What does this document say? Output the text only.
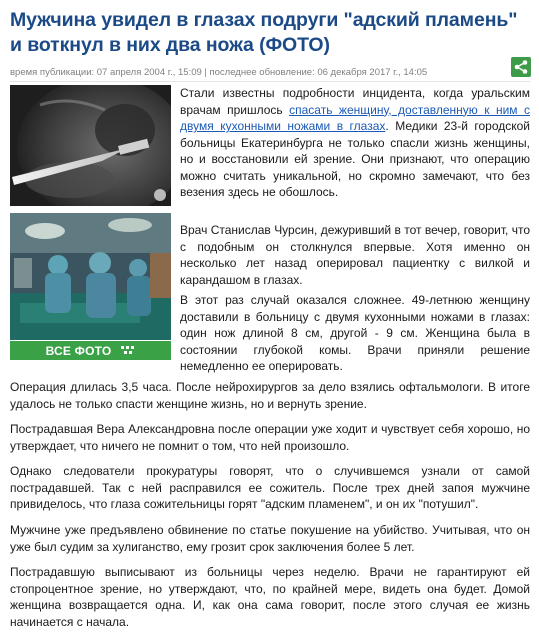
Мужчина увидел в глазах подруги "адский пламень" и воткнул в них два ножа (ФОТО)
время публикации: 07 апреля 2004 г., 15:09 | последнее обновление: 06 декабря 2017 г., 14:05
ВСЕ ФОТО

Стали известны подробности инцидента, когда уральским врачам пришлось спасать женщину, доставленную к ним с двумя кухонными ножами в глазах. Медики 23-й городской больницы Екатеринбурга не только спасли жизнь женщины, но и восстановили ей зрение. Они признают, что операцию можно считать уникальной, но скромно замечают, что без везения здесь не обошлось.

Врач Станислав Чурсин, дежуривший в тот вечер, говорит, что с подобным он столкнулся впервые. Хотя именно он несколько лет назад оперировал пациентку с вилкой и карандашом в глазах.

В этот раз случай оказался сложнее. 49-летнюю женщину доставили в больницу с двумя кухонными ножами в глазах: один нож длиной 8 см, другой - 9 см. Женщина была в состоянии глубокой комы. Врачи приняли решение немедленно ее оперировать.

Операция длилась 3,5 часа. После нейрохирургов за дело взялись офтальмологи. В итоге удалось не только спасти женщине жизнь, но и вернуть зрение.

Пострадавшая Вера Александровна после операции уже ходит и чувствует себя хорошо, но утверждает, что ничего не помнит о том, что ней произошло.

Однако следователи прокуратуры говорят, что о случившемся узнали от самой пострадавшей. Так с ней расправился ее сожитель. После трех дней запоя мужчине привиделось, что глаза сожительницы горят "адским пламенем", и он их "потушил".

Мужчине уже предъявлено обвинение по статье покушение на убийство. Учитывая, что он уже был судим за хулиганство, ему грозит срок заключения более 5 лет.

Пострадавшую выписывают из больницы через неделю. Врачи не гарантируют ей стопроцентное зрение, но утверждают, что, по крайней мере, видеть она будет. Домой женщина возвращается одна. И, как она сама говорит, после этого случая ее жизнь начинается с начала.
